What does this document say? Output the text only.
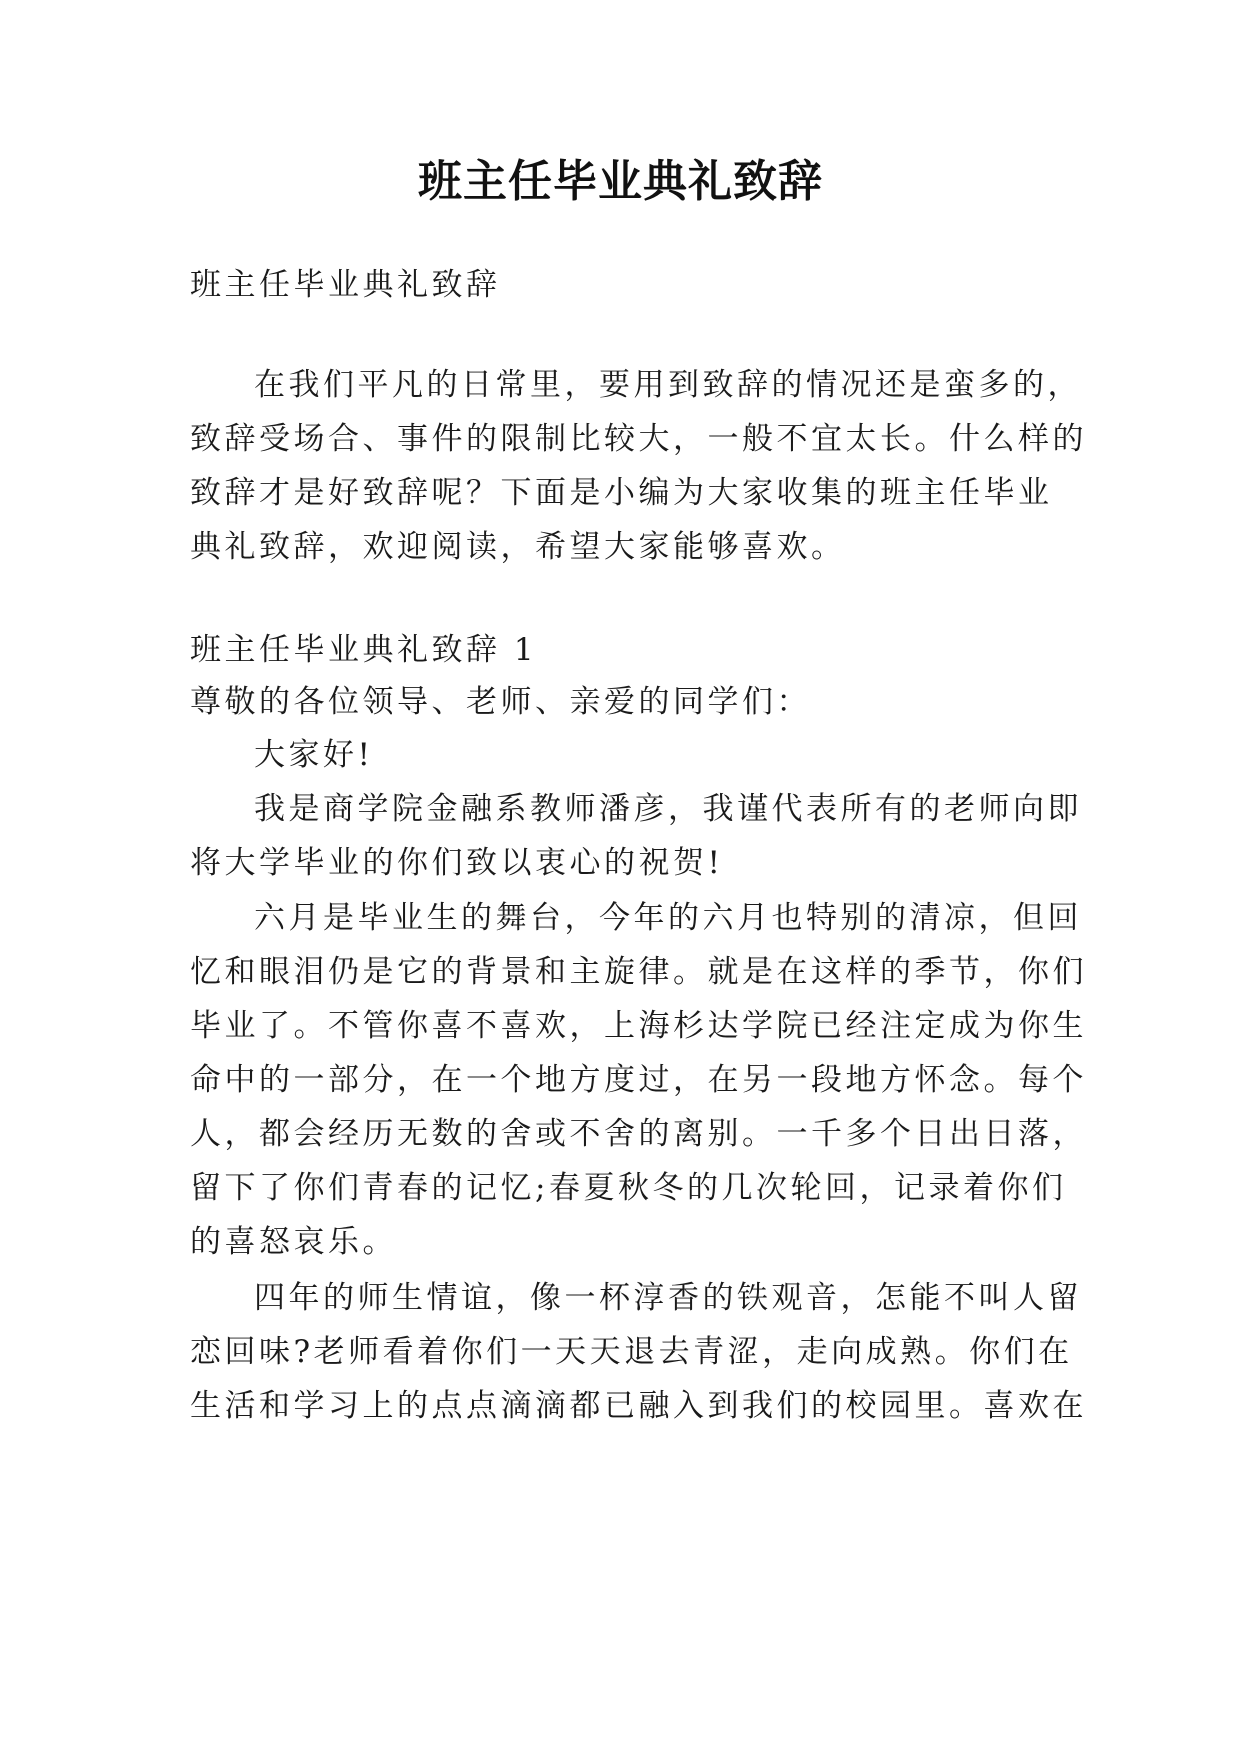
班主任毕业典礼致辞
班主任毕业典礼致辞
在我们平凡的日常里，要用到致辞的情况还是蛮多的，
致辞受场合、事件的限制比较大，一般不宜太长。什么样的
致辞才是好致辞呢？下面是小编为大家收集的班主任毕业
典礼致辞，欢迎阅读，希望大家能够喜欢。
班主任毕业典礼致辞 1
尊敬的各位领导、老师、亲爱的同学们：
大家好!
我是商学院金融系教师潘彦，我谨代表所有的老师向即
将大学毕业的你们致以衷心的祝贺!
六月是毕业生的舞台，今年的六月也特别的清凉，但回
忆和眼泪仍是它的背景和主旋律。就是在这样的季节，你们
毕业了。不管你喜不喜欢，上海杉达学院已经注定成为你生
命中的一部分，在一个地方度过，在另一段地方怀念。每个
人，都会经历无数的舍或不舍的离别。一千多个日出日落，
留下了你们青春的记忆;春夏秋冬的几次轮回，记录着你们
的喜怒哀乐。
四年的师生情谊，像一杯淳香的铁观音，怎能不叫人留
恋回味?老师看着你们一天天退去青涩，走向成熟。你们在
生活和学习上的点点滴滴都已融入到我们的校园里。喜欢在
